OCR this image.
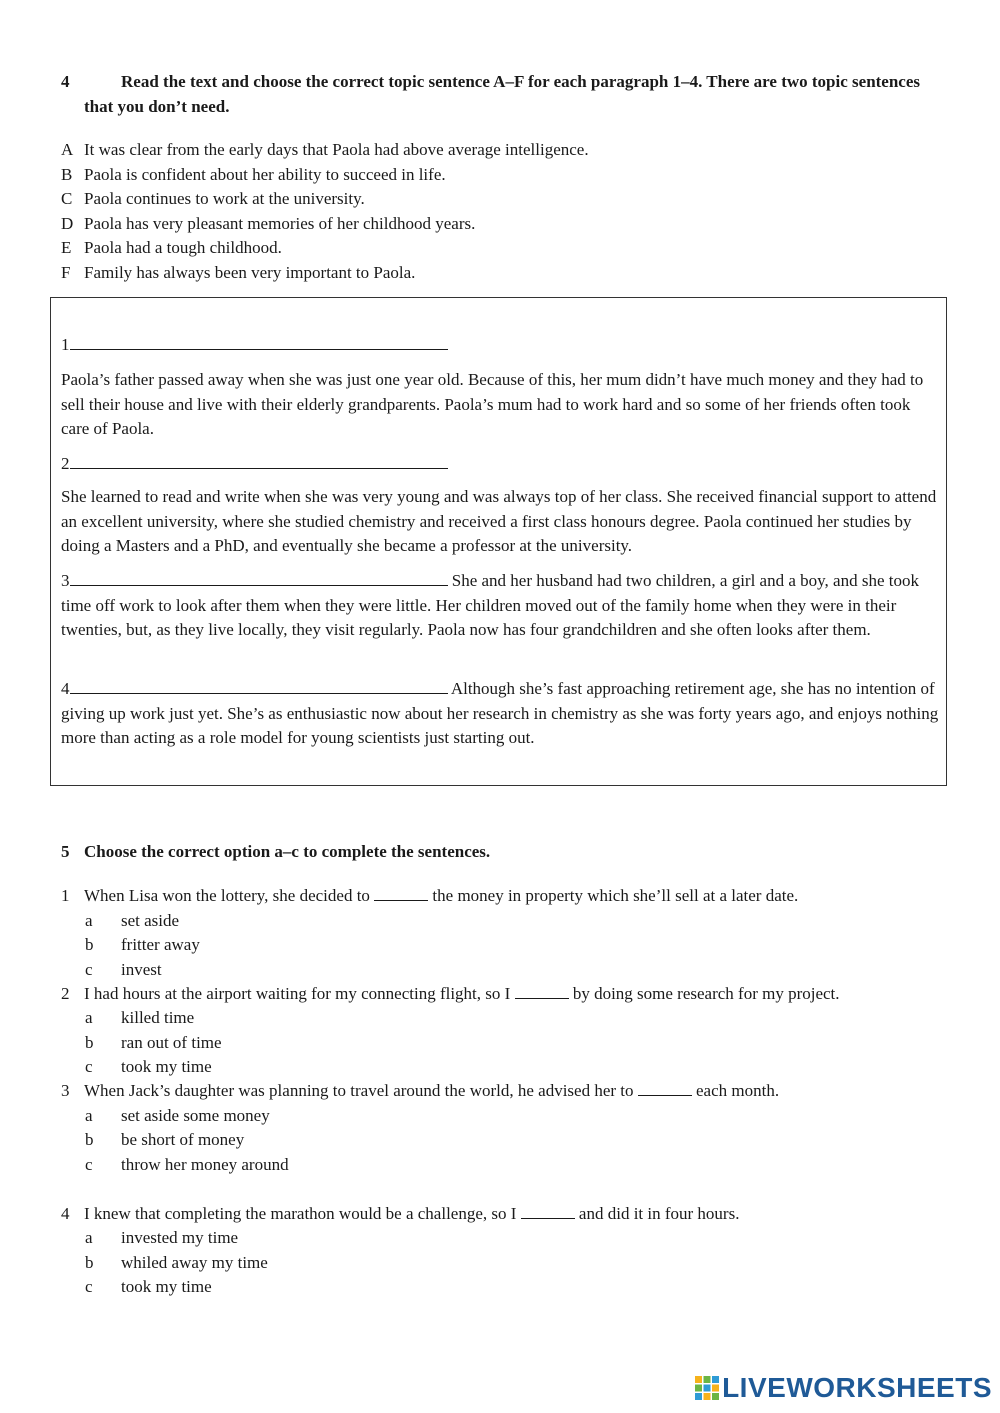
4	Read the text and choose the correct topic sentence A–F for each paragraph 1–4. There are two topic sentences that you don’t need.
A It was clear from the early days that Paola had above average intelligence.
B Paola is confident about her ability to succeed in life.
C Paola continues to work at the university.
D Paola has very pleasant memories of her childhood years.
E Paola had a tough childhood.
F Family has always been very important to Paola.
1
Paola’s father passed away when she was just one year old. Because of this, her mum didn’t have much money and they had to sell their house and live with their elderly grandparents. Paola’s mum had to work hard and so some of her friends often took care of Paola.
2
She learned to read and write when she was very young and was always top of her class. She received financial support to attend an excellent university, where she studied chemistry and received a first class honours degree. Paola continued her studies by doing a Masters and a PhD, and eventually she became a professor at the university.
3	She and her husband had two children, a girl and a boy, and she took time off work to look after them when they were little. Her children moved out of the family home when they were in their twenties, but, as they live locally, they visit regularly. Paola now has four grandchildren and she often looks after them.
4	Although she’s fast approaching retirement age, she has no intention of giving up work just yet. She’s as enthusiastic now about her research in chemistry as she was forty years ago, and enjoys nothing more than acting as a role model for young scientists just starting out.
5 Choose the correct option a–c to complete the sentences.
1 When Lisa won the lottery, she decided to	the money in property which she’ll sell at a later date.
a set aside
b fritter away
c invest
2 I had hours at the airport waiting for my connecting flight, so I	by doing some research for my project.
a killed time
b ran out of time
c took my time
3 When Jack’s daughter was planning to travel around the world, he advised her to	each month.
a set aside some money
b be short of money
c throw her money around
4 I knew that completing the marathon would be a challenge, so I	and did it in four hours.
a invested my time
b whiled away my time
c took my time
LIVEWORKSHEETS
